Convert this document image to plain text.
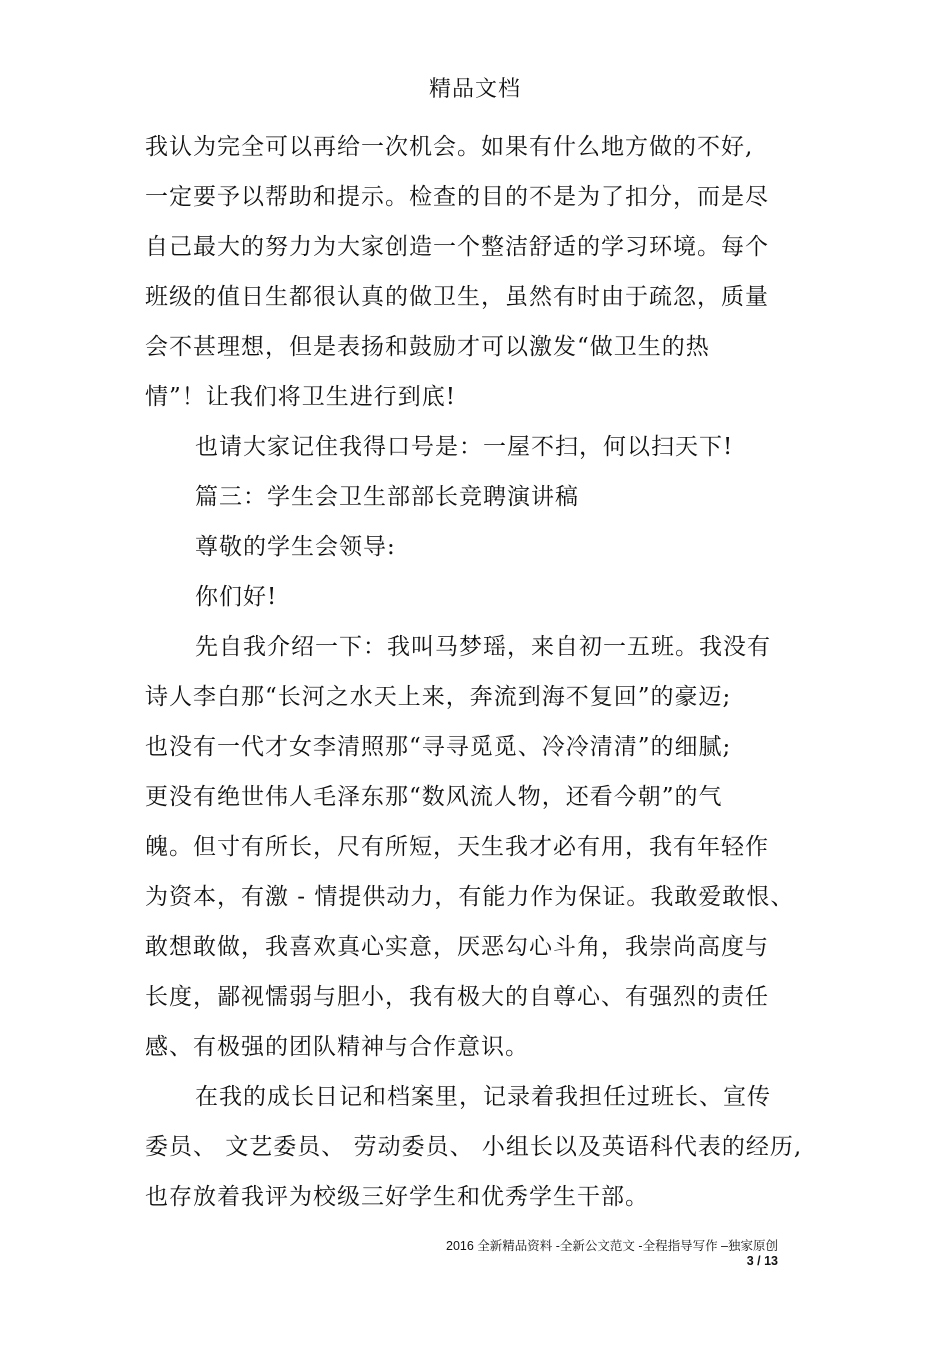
精品文档
我认为完全可以再给一次机会。如果有什么地方做的不好,
一定要予以帮助和提示。检查的目的不是为了扣分，而是尽
自己最大的努力为大家创造一个整洁舒适的学习环境。每个
班级的值日生都很认真的做卫生，虽然有时由于疏忽，质量
会不甚理想，但是表扬和鼓励才可以激发“做卫生的热
情”！让我们将卫生进行到底!
也请大家记住我得口号是：一屋不扫，何以扫天下!
篇三：学生会卫生部部长竞聘演讲稿
尊敬的学生会领导:
你们好!
先自我介绍一下：我叫马梦瑶，来自初一五班。我没有
诗人李白那“长河之水天上来，奔流到海不复回”的豪迈;
也没有一代才女李清照那“寻寻觅觅、冷冷清清”的细腻;
更没有绝世伟人毛泽东那“数风流人物，还看今朝”的气
魄。但寸有所长，尺有所短，天生我才必有用，我有年轻作
为资本，有激 - 情提供动力，有能力作为保证。我敢爱敢恨、
敢想敢做，我喜欢真心实意，厌恶勾心斗角，我崇尚高度与
长度，鄙视懦弱与胆小，我有极大的自尊心、有强烈的责任
感、有极强的团队精神与合作意识。
在我的成长日记和档案里，记录着我担任过班长、宣传
委员、 文艺委员、 劳动委员、 小组长以及英语科代表的经历,
也存放着我评为校级三好学生和优秀学生干部。
2016 全新精品资料 -全新公文范文 -全程指导写作 –独家原创
3 / 13
